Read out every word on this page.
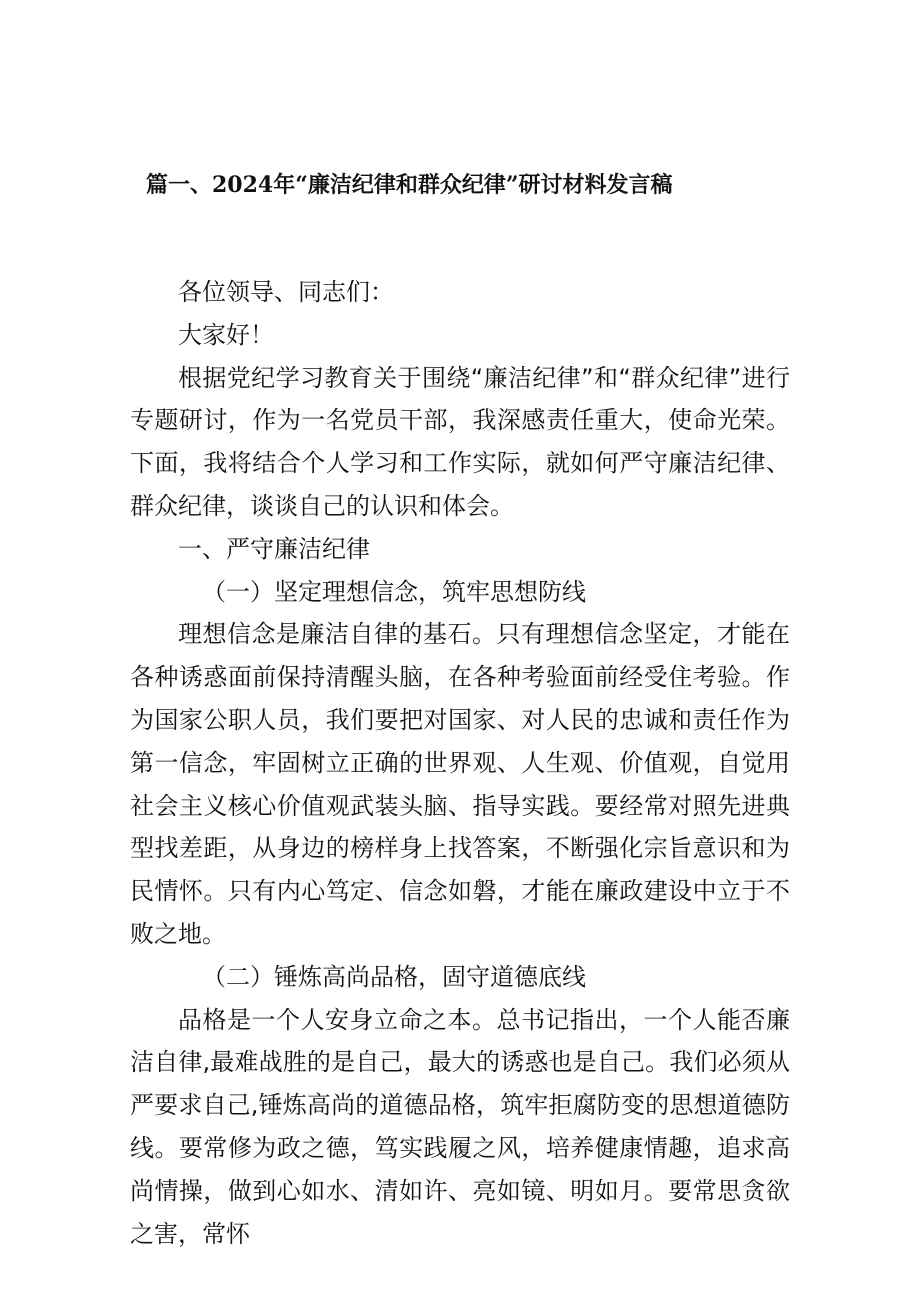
篇一、2024年“廉洁纪律和群众纪律”研讨材料发言稿

各位领导、同志们：

大家好！

根据党纪学习教育关于围绕“廉洁纪律”和“群众纪律”进行专题研讨，作为一名党员干部，我深感责任重大，使命光荣。下面，我将结合个人学习和工作实际，就如何严守廉洁纪律、群众纪律，谈谈自己的认识和体会。

一、严守廉洁纪律

（一）坚定理想信念，筑牢思想防线

理想信念是廉洁自律的基石。只有理想信念坚定，才能在各种诱惑面前保持清醒头脑，在各种考验面前经受住考验。作为国家公职人员，我们要把对国家、对人民的忠诚和责任作为第一信念，牢固树立正确的世界观、人生观、价值观，自觉用社会主义核心价值观武装头脑、指导实践。要经常对照先进典型找差距，从身边的榜样身上找答案，不断强化宗旨意识和为民情怀。只有内心笃定、信念如磐，才能在廉政建设中立于不败之地。

（二）锤炼高尚品格，固守道德底线

品格是一个人安身立命之本。总书记指出，一个人能否廉洁自律,最难战胜的是自己，最大的诱惑也是自己。我们必须从严要求自己,锤炼高尚的道德品格，筑牢拒腐防变的思想道德防线。要常修为政之德，笃实践履之风，培养健康情趣，追求高尚情操，做到心如水、清如许、亮如镜、明如月。要常思贪欲之害，常怀
